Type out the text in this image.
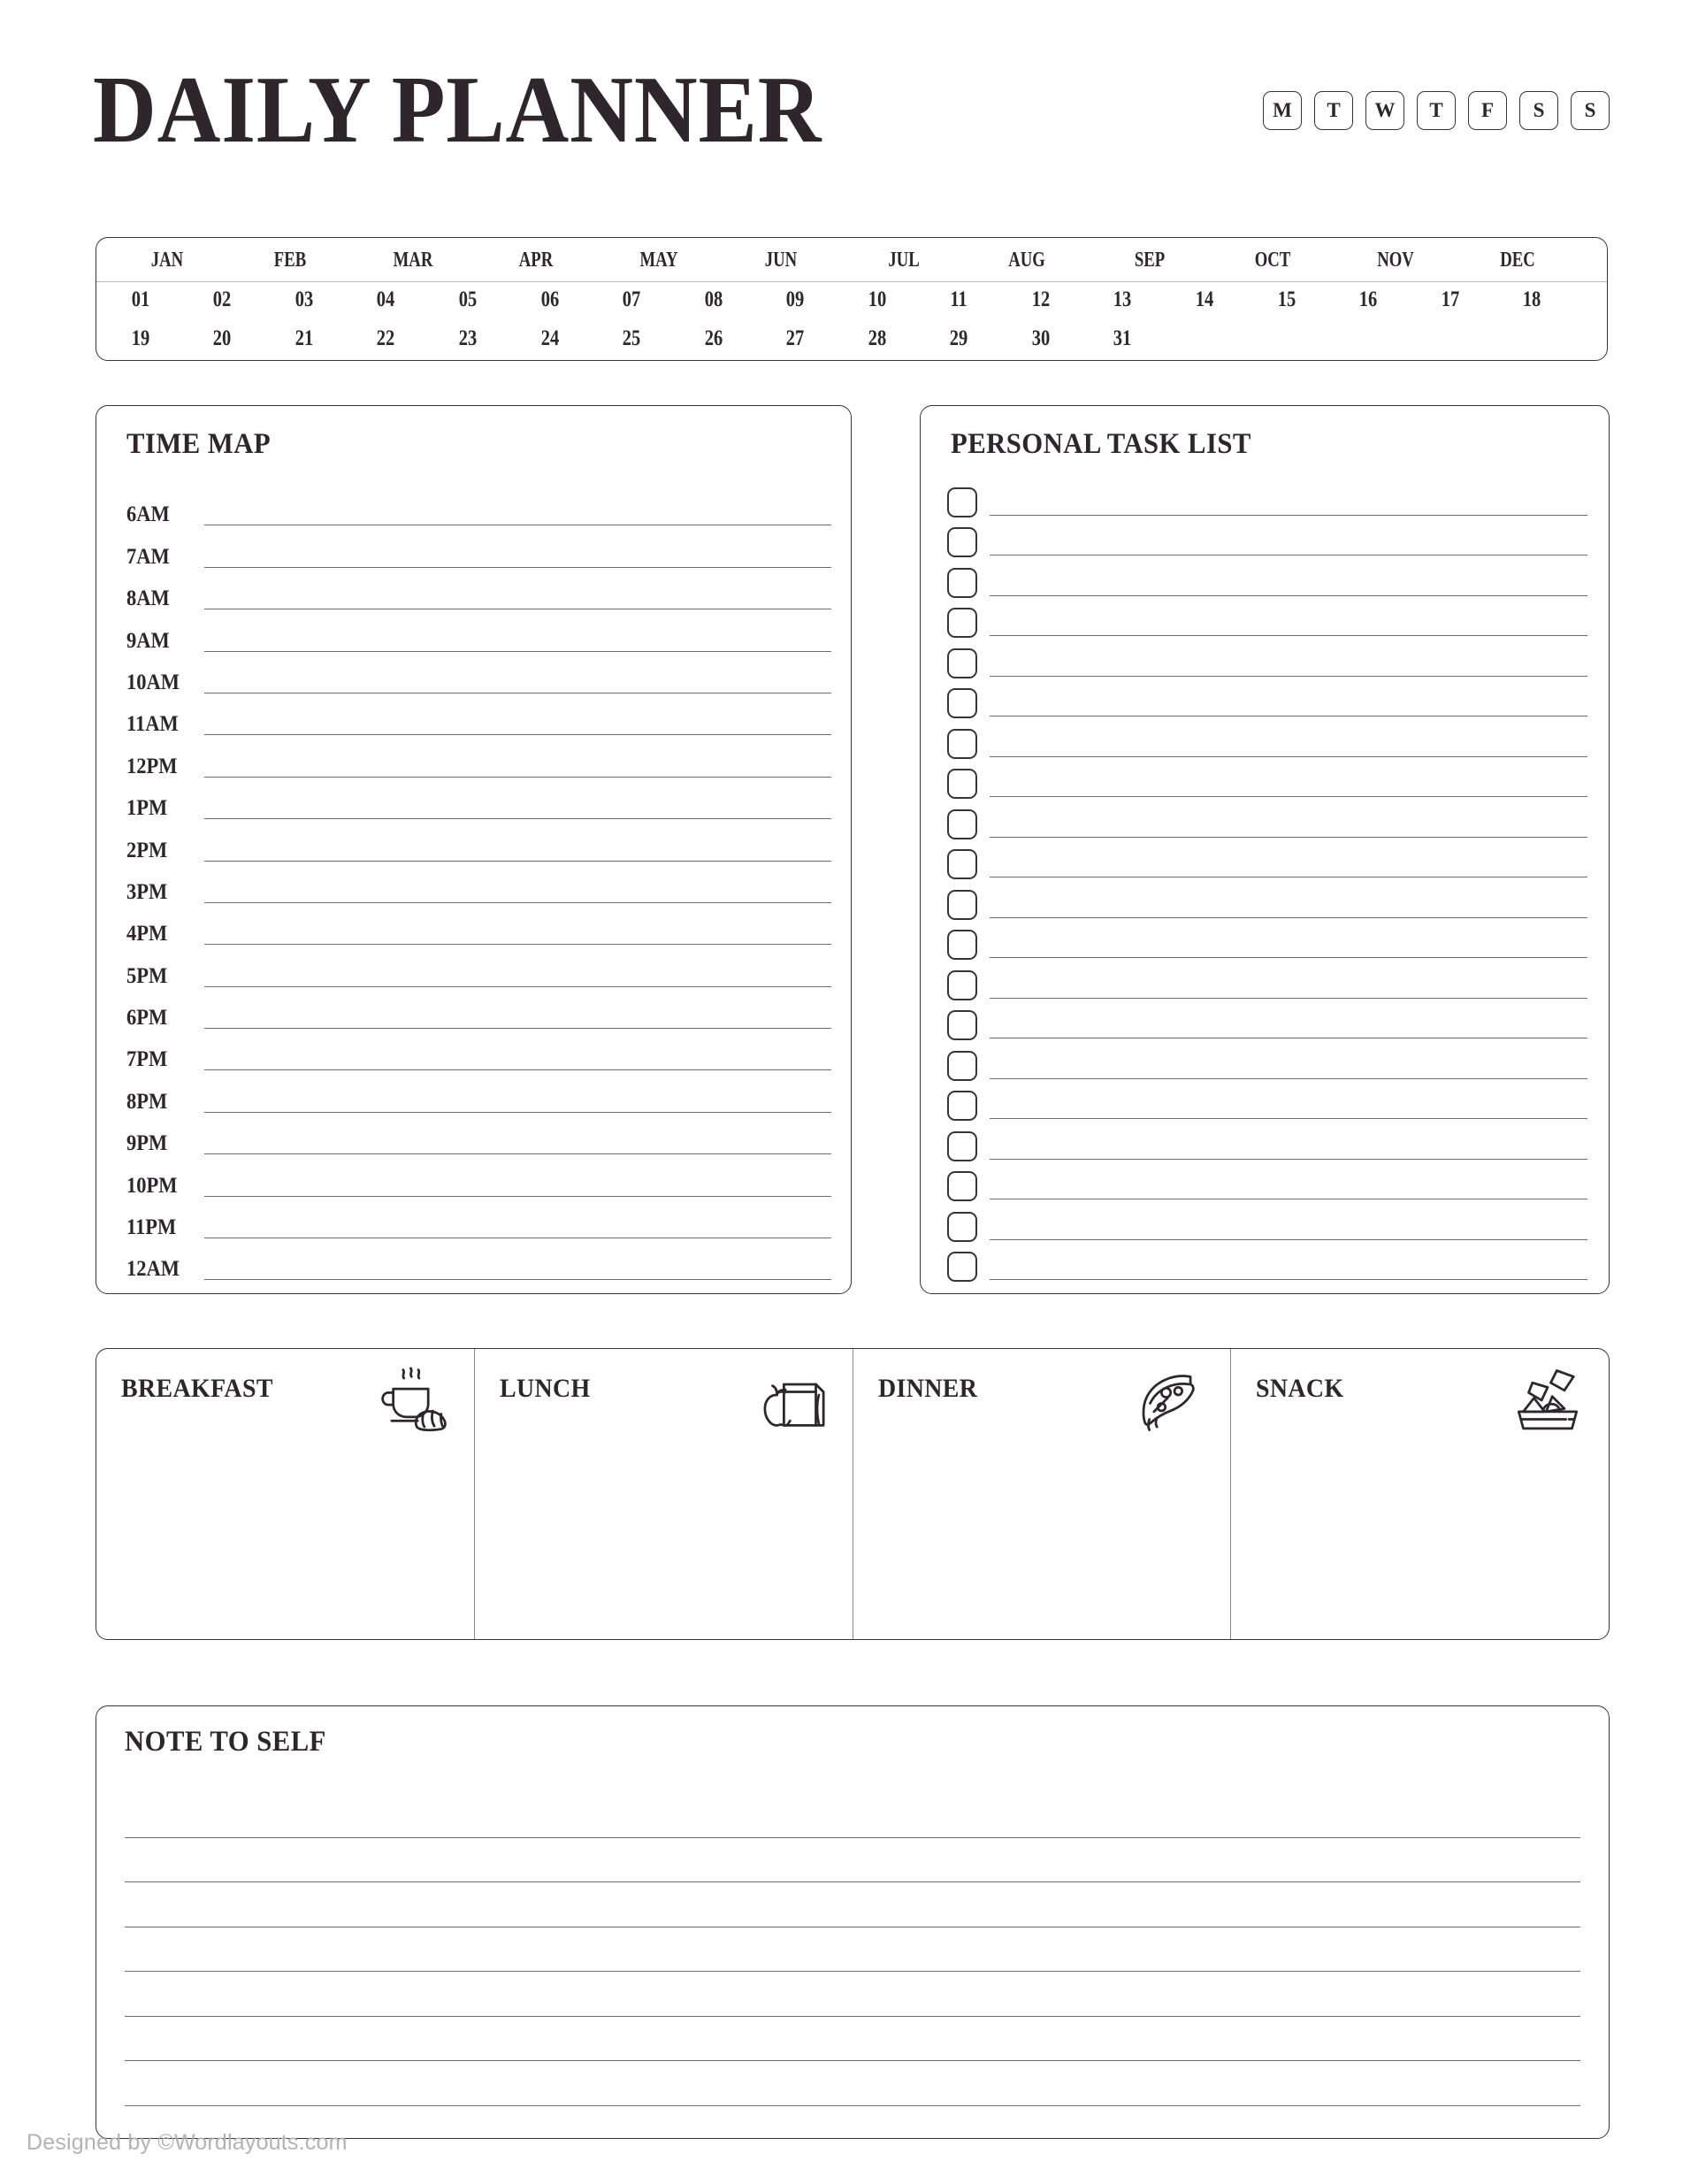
DAILY PLANNER	M	T	W	T	F	S	S
JAN	FEB	MAR	APR	MAY	JUN	JUL	AUG	SEP	OCT	NOV	DEC
01	02	03	04	05	06	07	08	09	10	11	12	13	14	15	16	17	18
19	20	21	22	23	24	25	26	27	28	29	30	31
TIME MAP
6AM
7AM
8AM
9AM
10AM
11AM
12PM
1PM
2PM
3PM
4PM
5PM
6PM
7PM
8PM
9PM
10PM
11PM
12AM
PERSONAL TASK LIST
BREAKFAST	LUNCH	DINNER	SNACK
NOTE TO SELF
Designed by ©Wordlayouts.com
